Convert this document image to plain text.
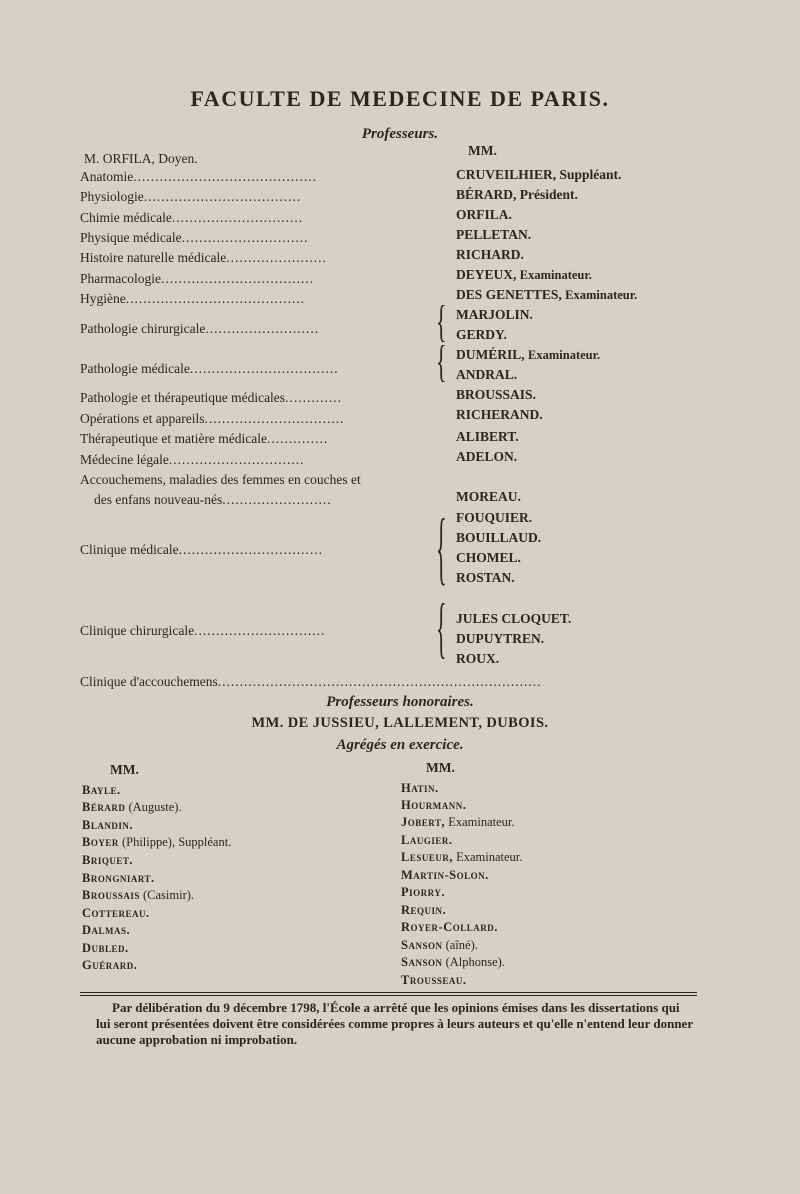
FACULTE DE MEDECINE DE PARIS.
Professeurs.
M. ORFILA, Doyen.
MM.
Anatomie..........................................	CRUVEILHIER, Suppléant.
Physiologie....................................	BÉRARD, Président.
Chimie médicale..............................	ORFILA.
Physique médicale.............................	PELLETAN.
Histoire naturelle médicale.......................	RICHARD.
Pharmacologie...................................	DEYEUX, Examinateur.
Hygiène.........................................	DES GENETTES, Examinateur.
Pathologie chirurgicale..........................	{ MARJOLIN.
GERDY.
Pathologie médicale.................................. { DUMÉRIL, Examinateur.
ANDRAL.
Pathologie et thérapeutique médicales.............	BROUSSAIS.
Opérations et appareils................................	RICHERAND.
Thérapeutique et matière médicale..............	ALIBERT.
Médecine légale...............................	ADELON.
Accouchemens, maladies des femmes en couches et
des enfans nouveau-nés.........................	MOREAU.
Clinique médicale.................................	{ FOUQUIER.
BOUILLAUD.
CHOMEL.
ROSTAN.
Clinique chirurgicale..............................	{ JULES CLOQUET.
DUPUYTREN.
ROUX.
Clinique d'accouchemens..........................................................................
Professeurs honoraires.
MM. DE JUSSIEU, LALLEMENT, DUBOIS.
Agrégés en exercice.
MM.	MM.
Bayle.
Bérard (Auguste).
Blandin.
Boyer (Philippe), Suppléant.
Briquet.
Brongniart.
Broussais (Casimir).
Cottereau.
Dalmas.
Dubled.
Guérard.
Hatin.
Hourmann.
Jobert, Examinateur.
Laugier.
Lesueur, Examinateur.
Martin-Solon.
Piorry.
Requin.
Royer-Collard.
Sanson (aîné).
Sanson (Alphonse).
Trousseau.
Par délibération du 9 décembre 1798, l'École a arrêté que les opinions émises dans les dissertations qui lui seront présentées doivent être considérées comme propres à leurs auteurs et qu'elle n'entend leur donner aucune approbation ni improbation.
